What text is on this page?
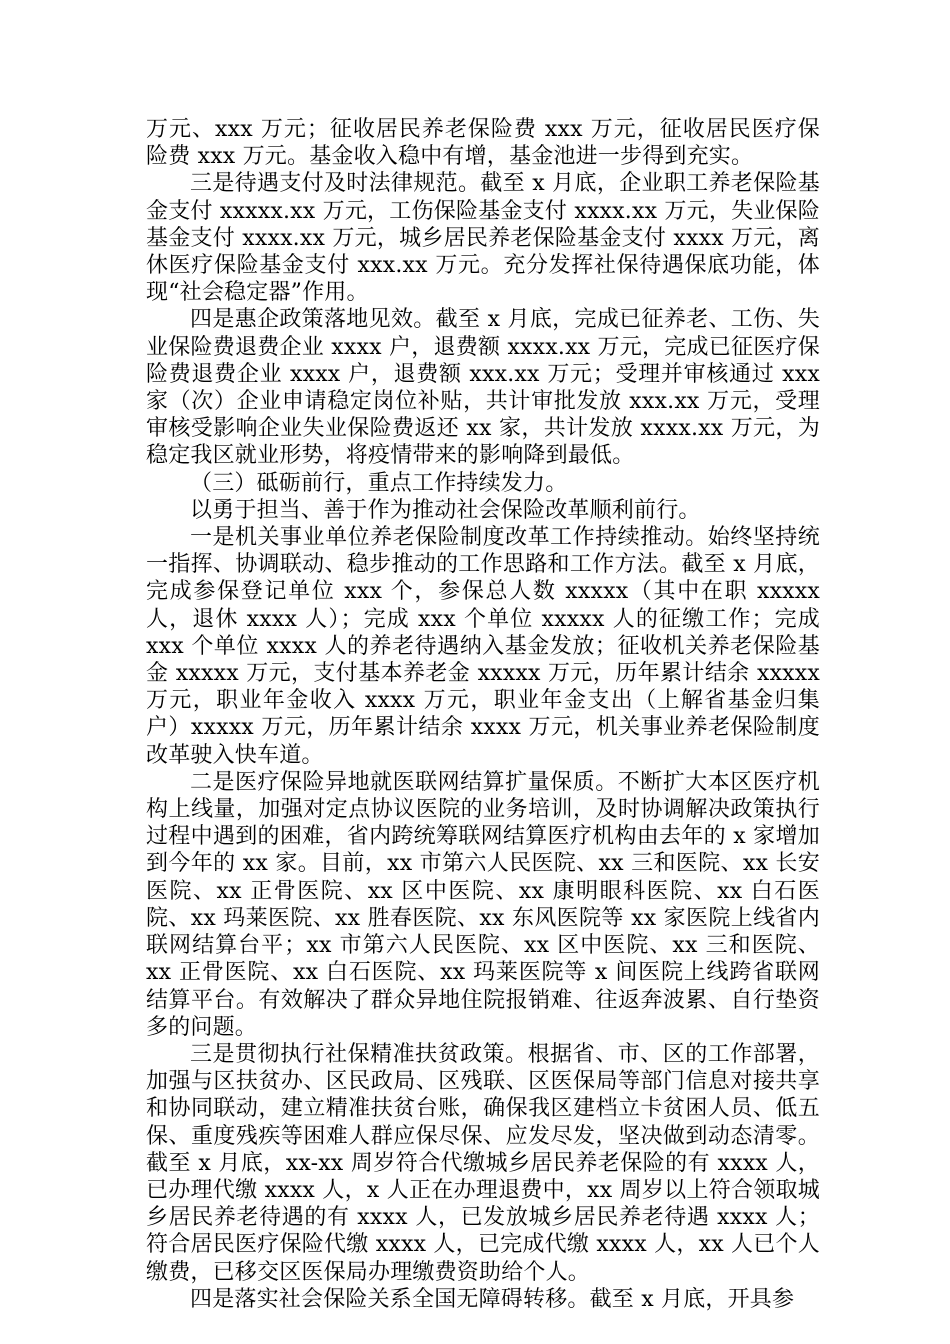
万元、xxx 万元；征收居民养老保险费 xxx 万元，征收居民医疗保险费 xxx 万元。基金收入稳中有增，基金池进一步得到充实。

三是待遇支付及时法律规范。截至 x 月底，企业职工养老保险基金支付 xxxxx.xx 万元，工伤保险基金支付 xxxx.xx 万元，失业保险基金支付 xxxx.xx 万元，城乡居民养老保险基金支付 xxxx 万元，离休医疗保险基金支付 xxx.xx 万元。充分发挥社保待遇保底功能，体现“社会稳定器”作用。

四是惠企政策落地见效。截至 x 月底，完成已征养老、工伤、失业保险费退费企业 xxxx 户，退费额 xxxx.xx 万元，完成已征医疗保险费退费企业 xxxx 户，退费额 xxx.xx 万元；受理并审核通过 xxx 家（次）企业申请稳定岗位补贴，共计审批发放 xxx.xx 万元，受理审核受影响企业失业保险费返还 xx 家，共计发放 xxxx.xx 万元，为稳定我区就业形势，将疫情带来的影响降到最低。

（三）砥砺前行，重点工作持续发力。

以勇于担当、善于作为推动社会保险改革顺利前行。

一是机关事业单位养老保险制度改革工作持续推动。始终坚持统一指挥、协调联动、稳步推动的工作思路和工作方法。截至 x 月底，完成参保登记单位 xxx 个，参保总人数 xxxxx（其中在职 xxxxx 人，退休 xxxx 人）；完成 xxx 个单位 xxxxx 人的征缴工作；完成 xxx 个单位 xxxx 人的养老待遇纳入基金发放；征收机关养老保险基金 xxxxx 万元，支付基本养老金 xxxxx 万元，历年累计结余 xxxxx 万元，职业年金收入 xxxx 万元，职业年金支出（上解省基金归集户）xxxxx 万元，历年累计结余 xxxx 万元，机关事业养老保险制度改革驶入快车道。

二是医疗保险异地就医联网结算扩量保质。不断扩大本区医疗机构上线量，加强对定点协议医院的业务培训，及时协调解决政策执行过程中遇到的困难，省内跨统筹联网结算医疗机构由去年的 x 家增加到今年的 xx 家。目前，xx 市第六人民医院、xx 三和医院、xx 长安医院、xx 正骨医院、xx 区中医院、xx 康明眼科医院、xx 白石医院、xx 玛莱医院、xx 胜春医院、xx 东风医院等 xx 家医院上线省内联网结算台平；xx 市第六人民医院、xx 区中医院、xx 三和医院、xx 正骨医院、xx 白石医院、xx 玛莱医院等 x 间医院上线跨省联网结算平台。有效解决了群众异地住院报销难、往返奔波累、自行垫资多的问题。

三是贯彻执行社保精准扶贫政策。根据省、市、区的工作部署，加强与区扶贫办、区民政局、区残联、区医保局等部门信息对接共享和协同联动，建立精准扶贫台账，确保我区建档立卡贫困人员、低五保、重度残疾等困难人群应保尽保、应发尽发，坚决做到动态清零。截至 x 月底，xx-xx 周岁符合代缴城乡居民养老保险的有 xxxx 人，已办理代缴 xxxx 人，x 人正在办理退费中，xx 周岁以上符合领取城乡居民养老待遇的有 xxxx 人，已发放城乡居民养老待遇 xxxx 人；符合居民医疗保险代缴 xxxx 人，已完成代缴 xxxx 人，xx 人已个人缴费，已移交区医保局办理缴费资助给个人。

四是落实社会保险关系全国无障碍转移。截至 x 月底，开具参
